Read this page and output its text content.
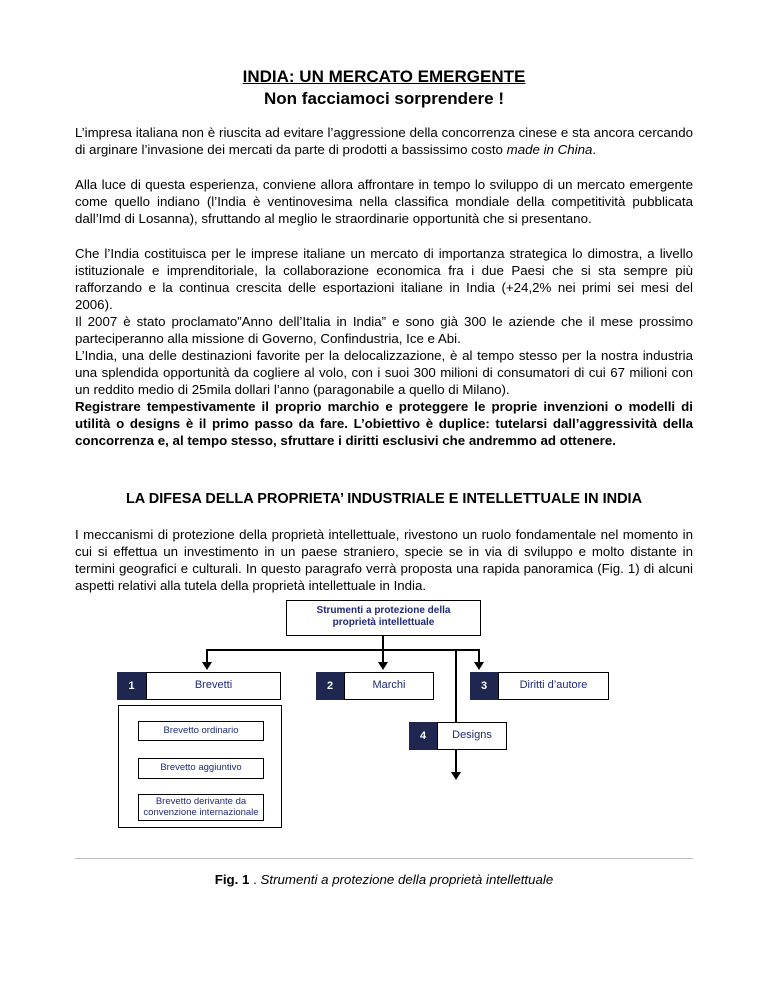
INDIA: UN MERCATO EMERGENTE
Non facciamoci sorprendere !
L’impresa italiana non è riuscita ad evitare l’aggressione della concorrenza cinese e sta ancora cercando di arginare l’invasione dei mercati da parte di prodotti a bassissimo costo made in China.
Alla luce di questa esperienza, conviene allora affrontare in tempo lo sviluppo di un mercato emergente come quello indiano (l’India è ventinovesima nella classifica mondiale della competitività pubblicata dall’Imd di Losanna), sfruttando al meglio le straordinarie opportunità che si presentano.
Che l’India costituisca per le imprese italiane un mercato di importanza strategica lo dimostra, a livello istituzionale e imprenditoriale, la collaborazione economica fra i due Paesi che si sta sempre più rafforzando e la continua crescita delle esportazioni italiane in India (+24,2% nei primi sei mesi del 2006).
Il 2007 è stato proclamato”Anno dell’Italia in India” e sono già 300 le aziende che il mese prossimo parteciperanno alla missione di Governo, Confindustria, Ice e Abi.
L’India, una delle destinazioni favorite per la delocalizzazione, è al tempo stesso per la nostra industria una splendida opportunità da cogliere al volo, con i suoi 300 milioni di consumatori di cui 67 milioni con un reddito medio di 25mila dollari l’anno (paragonabile a quello di Milano).
Registrare tempestivamente il proprio marchio e proteggere le proprie invenzioni o modelli di utilità o designs è il primo passo da fare. L’obiettivo è duplice: tutelarsi dall’aggressività della concorrenza e, al tempo stesso, sfruttare i diritti esclusivi che andremmo ad ottenere.
LA DIFESA DELLA PROPRIETA’ INDUSTRIALE E INTELLETTUALE IN INDIA
I meccanismi di protezione della proprietà intellettuale, rivestono un ruolo fondamentale nel momento in cui si effettua un investimento in un paese straniero, specie se in via di sviluppo e molto distante in termini geografici e culturali. In questo paragrafo verrà proposta una rapida panoramica (Fig. 1) di alcuni aspetti relativi alla tutela della proprietà intellettuale in India.
Strumenti a protezione della proprietà intellettuale
1	Brevetti	2	Marchi	3	Diritti d’autore
4	Designs
Brevetto ordinario
Brevetto aggiuntivo
Brevetto derivante da convenzione internazionale
Fig. 1 . Strumenti a protezione della proprietà intellettuale
